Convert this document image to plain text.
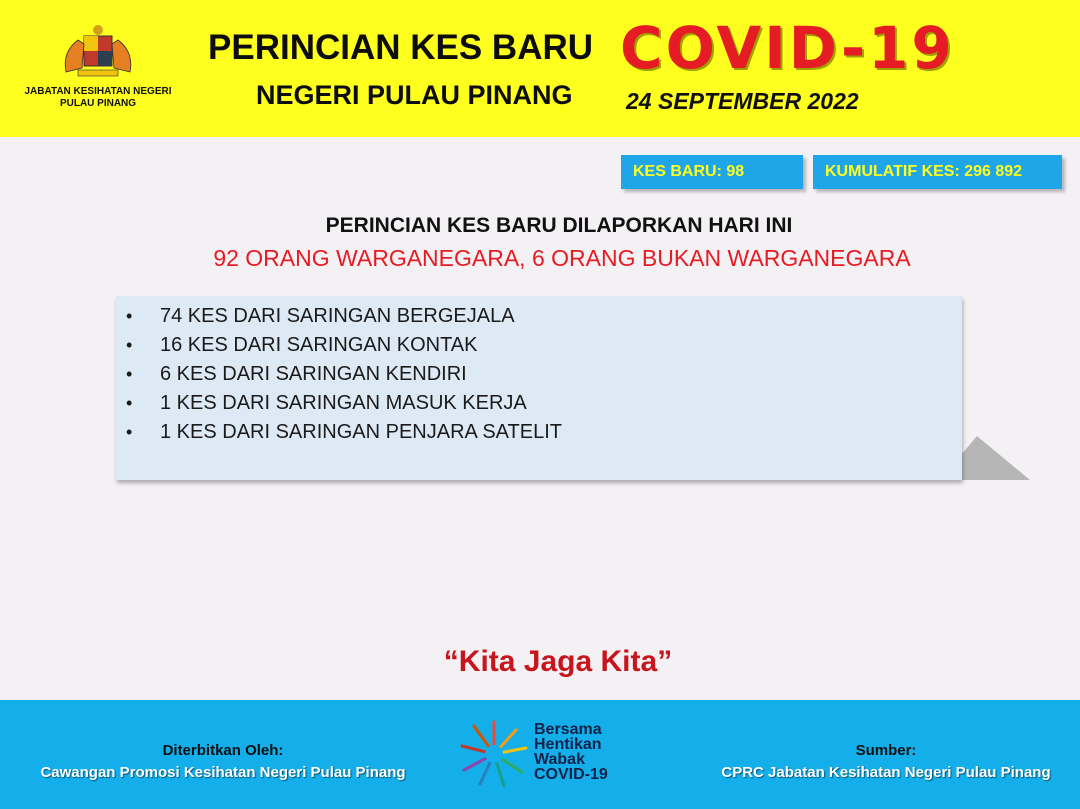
JABATAN KESIHATAN NEGERI
PULAU PINANG
PERINCIAN KES BARU
NEGERI PULAU PINANG
COVID-19
24 SEPTEMBER 2022
KES BARU: 98	KUMULATIF KES: 296 892
PERINCIAN KES BARU DILAPORKAN HARI INI
92 ORANG WARGANEGARA, 6 ORANG BUKAN WARGANEGARA
• 74 KES DARI SARINGAN BERGEJALA
• 16 KES DARI SARINGAN KONTAK
• 6 KES DARI SARINGAN KENDIRI
• 1 KES DARI SARINGAN MASUK KERJA
• 1 KES DARI SARINGAN PENJARA SATELIT
“Kita Jaga Kita”
Diterbitkan Oleh:
Cawangan Promosi Kesihatan Negeri Pulau Pinang
Bersama
Hentikan
Wabak
COVID-19
Sumber:
CPRC Jabatan Kesihatan Negeri Pulau Pinang
